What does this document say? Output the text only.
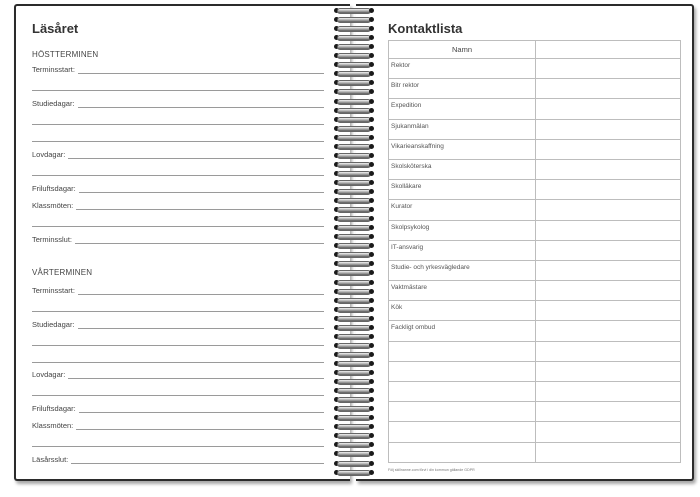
Läsåret
HÖSTTERMINEN
Terminsstart:
Studiedagar:
Lovdagar:
Friluftsdagar:
Klassmöten:
Terminsslut:
VÅRTERMINEN
Terminsstart:
Studiedagar:
Lovdagar:
Friluftsdagar:
Klassmöten:
Läsårsslut:
Kontaktlista
Namn
Rektor
Bitr rektor
Expedition
Sjukanmälan
Vikarieanskaffning
Skolsköterska
Skolläkare
Kurator
Skolpsykolog
IT-ansvarig
Studie- och yrkesvägledare
Vaktmästare
Kök
Fackligt ombud
Följ skillnanne.com förvi i din kommun gällande GDPR
